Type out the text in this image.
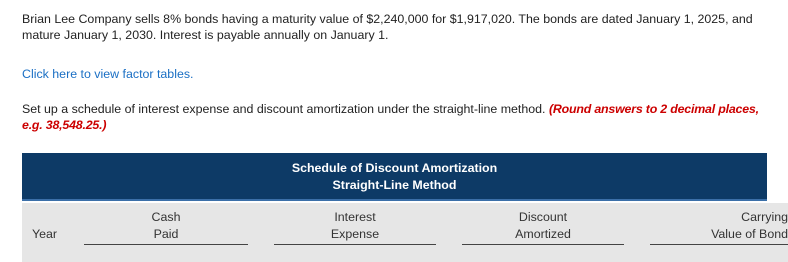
Brian Lee Company sells 8% bonds having a maturity value of $2,240,000 for $1,917,020. The bonds are dated January 1, 2025, and mature January 1, 2030. Interest is payable annually on January 1.
Click here to view factor tables.
Set up a schedule of interest expense and discount amortization under the straight-line method. (Round answers to 2 decimal places, e.g. 38,548.25.)
Schedule of Discount Amortization
Straight-Line Method
Year
Cash
Paid
Interest
Expense
Discount
Amortized
Carrying
Value of Bond
